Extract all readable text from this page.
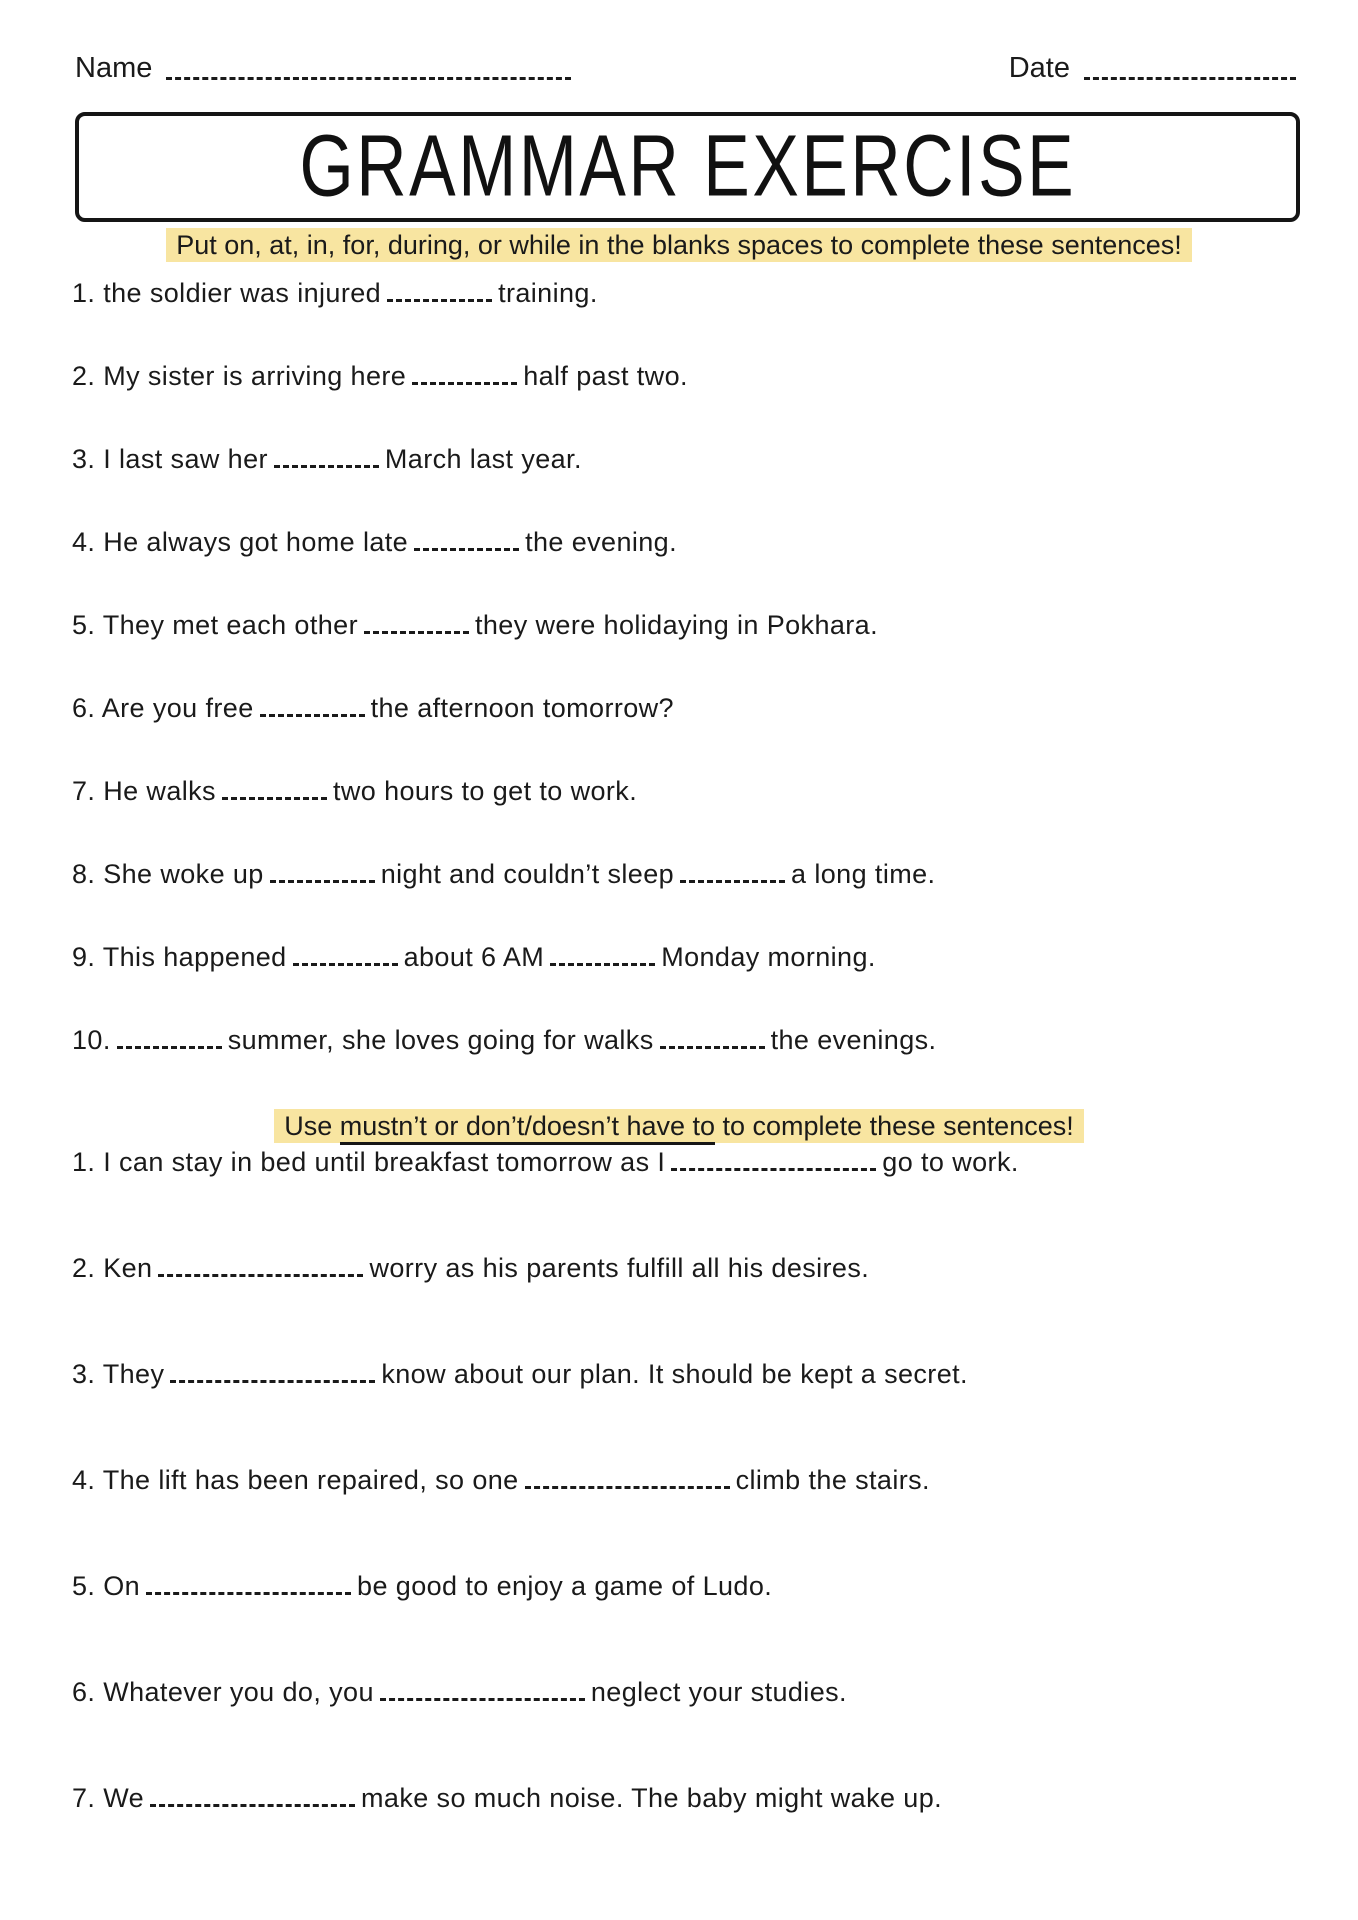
Name	Date
GRAMMAR EXERCISE
Put on, at, in, for, during, or while in the blanks spaces to complete these sentences!
1. the soldier was injured	training.
2. My sister is arriving here	half past two.
3. I last saw her	March last year.
4. He always got home late	the evening.
5. They met each other	they were holidaying in Pokhara.
6. Are you free	the afternoon tomorrow?
7. He walks	two hours to get to work.
8. She woke up	night and couldn’t sleep	a long time.
9. This happened	about 6 AM	Monday morning.
10.	summer, she loves going for walks	the evenings.
Use mustn’t or don’t/doesn’t have to to complete these sentences!
1. I can stay in bed until breakfast tomorrow as I	go to work.
2. Ken	worry as his parents fulfill all his desires.
3. They	know about our plan. It should be kept a secret.
4. The lift has been repaired, so one	climb the stairs.
5. On	be good to enjoy a game of Ludo.
6. Whatever you do, you	neglect your studies.
7. We	make so much noise. The baby might wake up.
